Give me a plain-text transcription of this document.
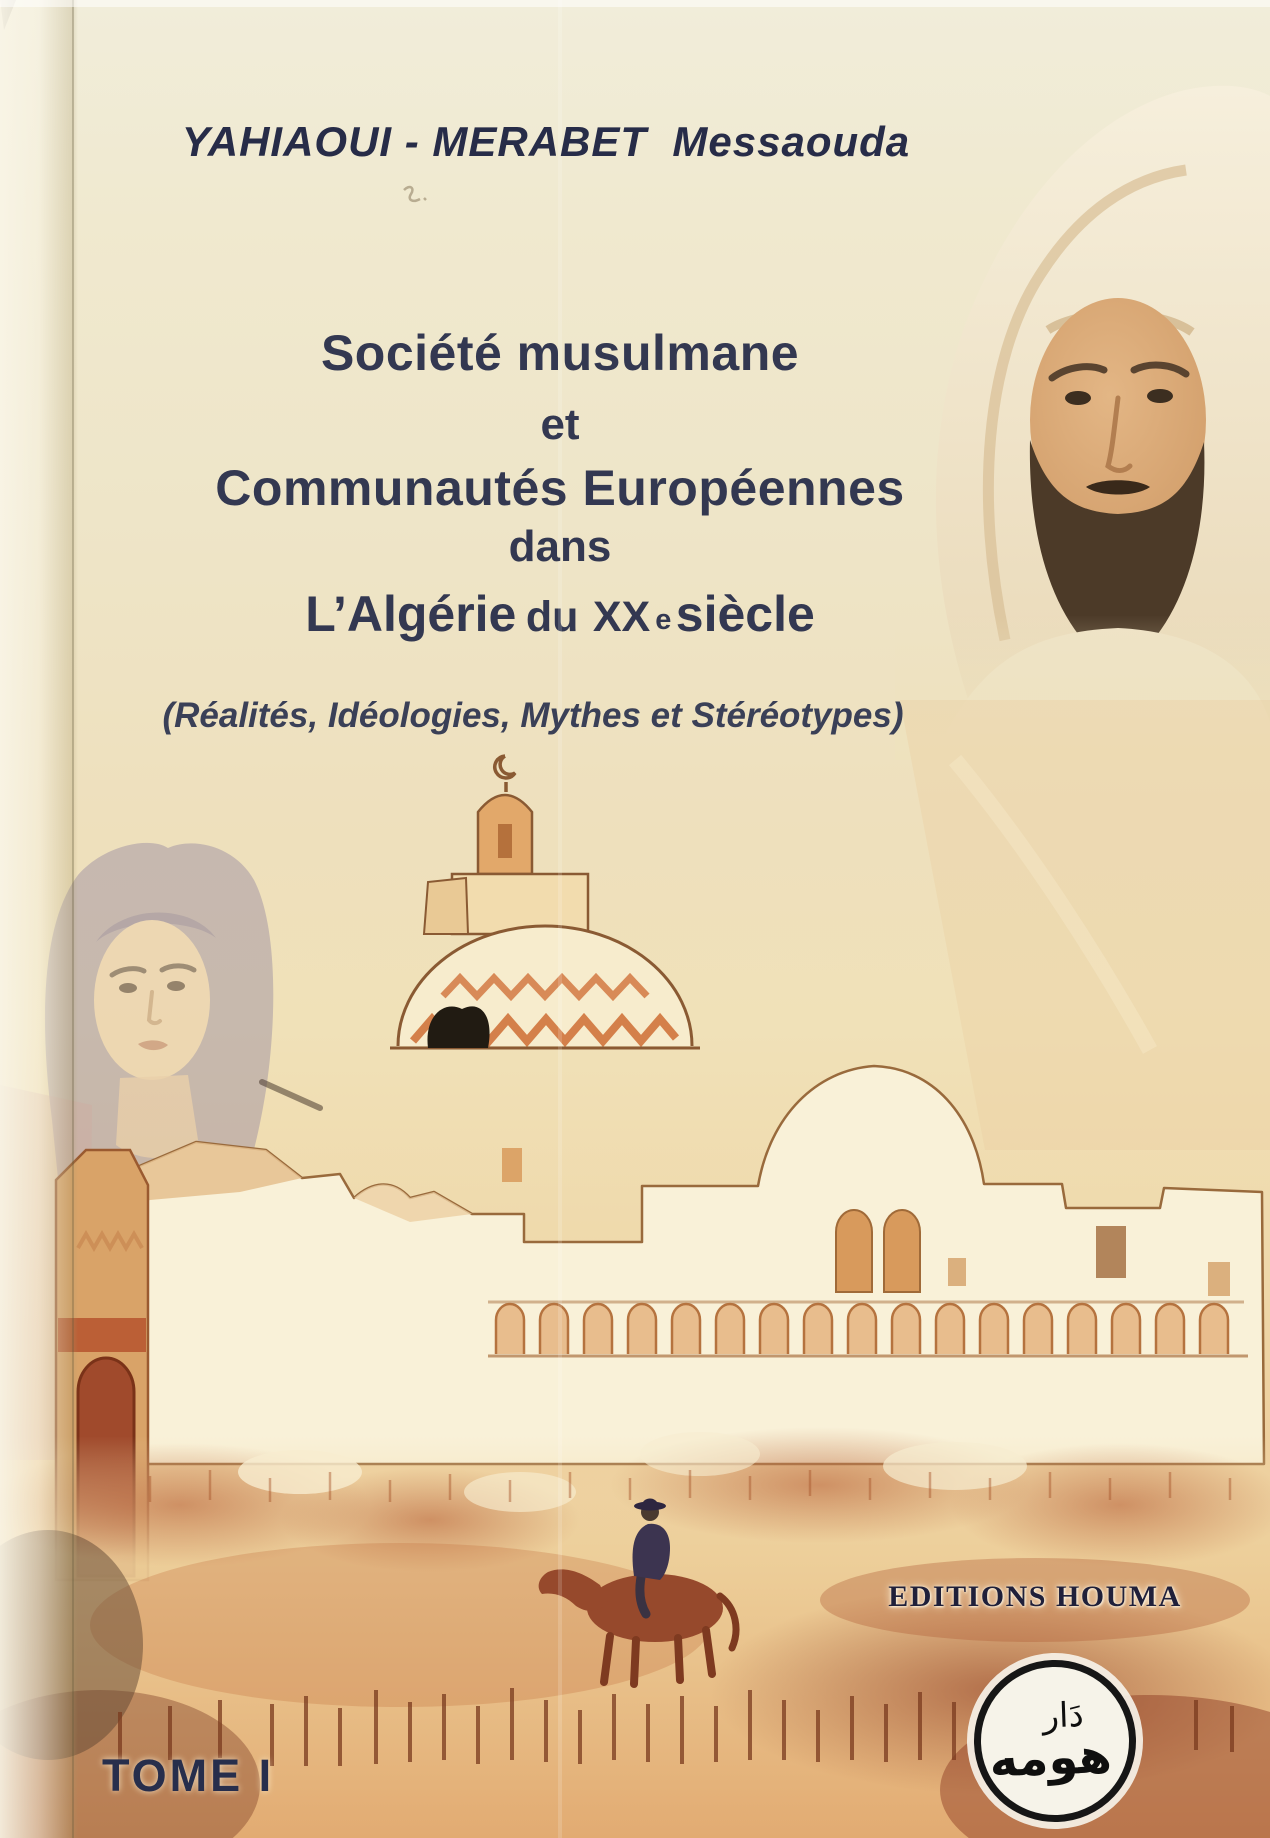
YAHIAOUI - MERABET  Messaouda
Société musulmane
et
Communautés Européennes
dans
L’Algérie du XX e siècle
(Réalités, Idéologies, Mythes et Stéréotypes)
EDITIONS HOUMA
دَار
هومه
TOME I
